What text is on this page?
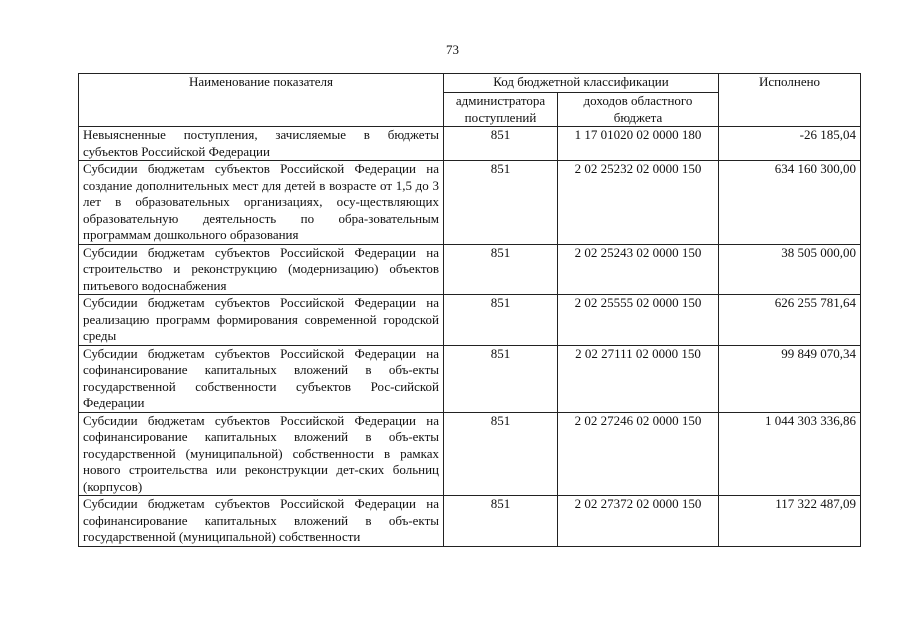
73
Наименование показателя	Код бюджетной классификации		Исполнено
	администратора поступлений	доходов областного бюджета	
Невыясненные поступления, зачисляемые в бюджеты субъектов Российской Федерации	851	1 17 01020 02 0000 180	-26 185,04
Субсидии бюджетам субъектов Российской Федерации на создание дополнительных мест для детей в возрасте от 1,5 до 3 лет в образовательных организациях, осу-ществляющих образовательную деятельность по обра-зовательным программам дошкольного образования	851	2 02 25232 02 0000 150	634 160 300,00
Субсидии бюджетам субъектов Российской Федерации на строительство и реконструкцию (модернизацию) объектов питьевого водоснабжения	851	2 02 25243 02 0000 150	38 505 000,00
Субсидии бюджетам субъектов Российской Федерации на реализацию программ формирования современной городской среды	851	2 02 25555 02 0000 150	626 255 781,64
Субсидии бюджетам субъектов Российской Федерации на софинансирование капитальных вложений в объ-екты государственной собственности субъектов Рос-сийской Федерации	851	2 02 27111 02 0000 150	99 849 070,34
Субсидии бюджетам субъектов Российской Федерации на софинансирование капитальных вложений в объ-екты государственной (муниципальной) собственности в рамках нового строительства или реконструкции дет-ских больниц (корпусов)	851	2 02 27246 02 0000 150	1 044 303 336,86
Субсидии бюджетам субъектов Российской Федерации на софинансирование капитальных вложений в объ-екты государственной (муниципальной) собственности	851	2 02 27372 02 0000 150	117 322 487,09
